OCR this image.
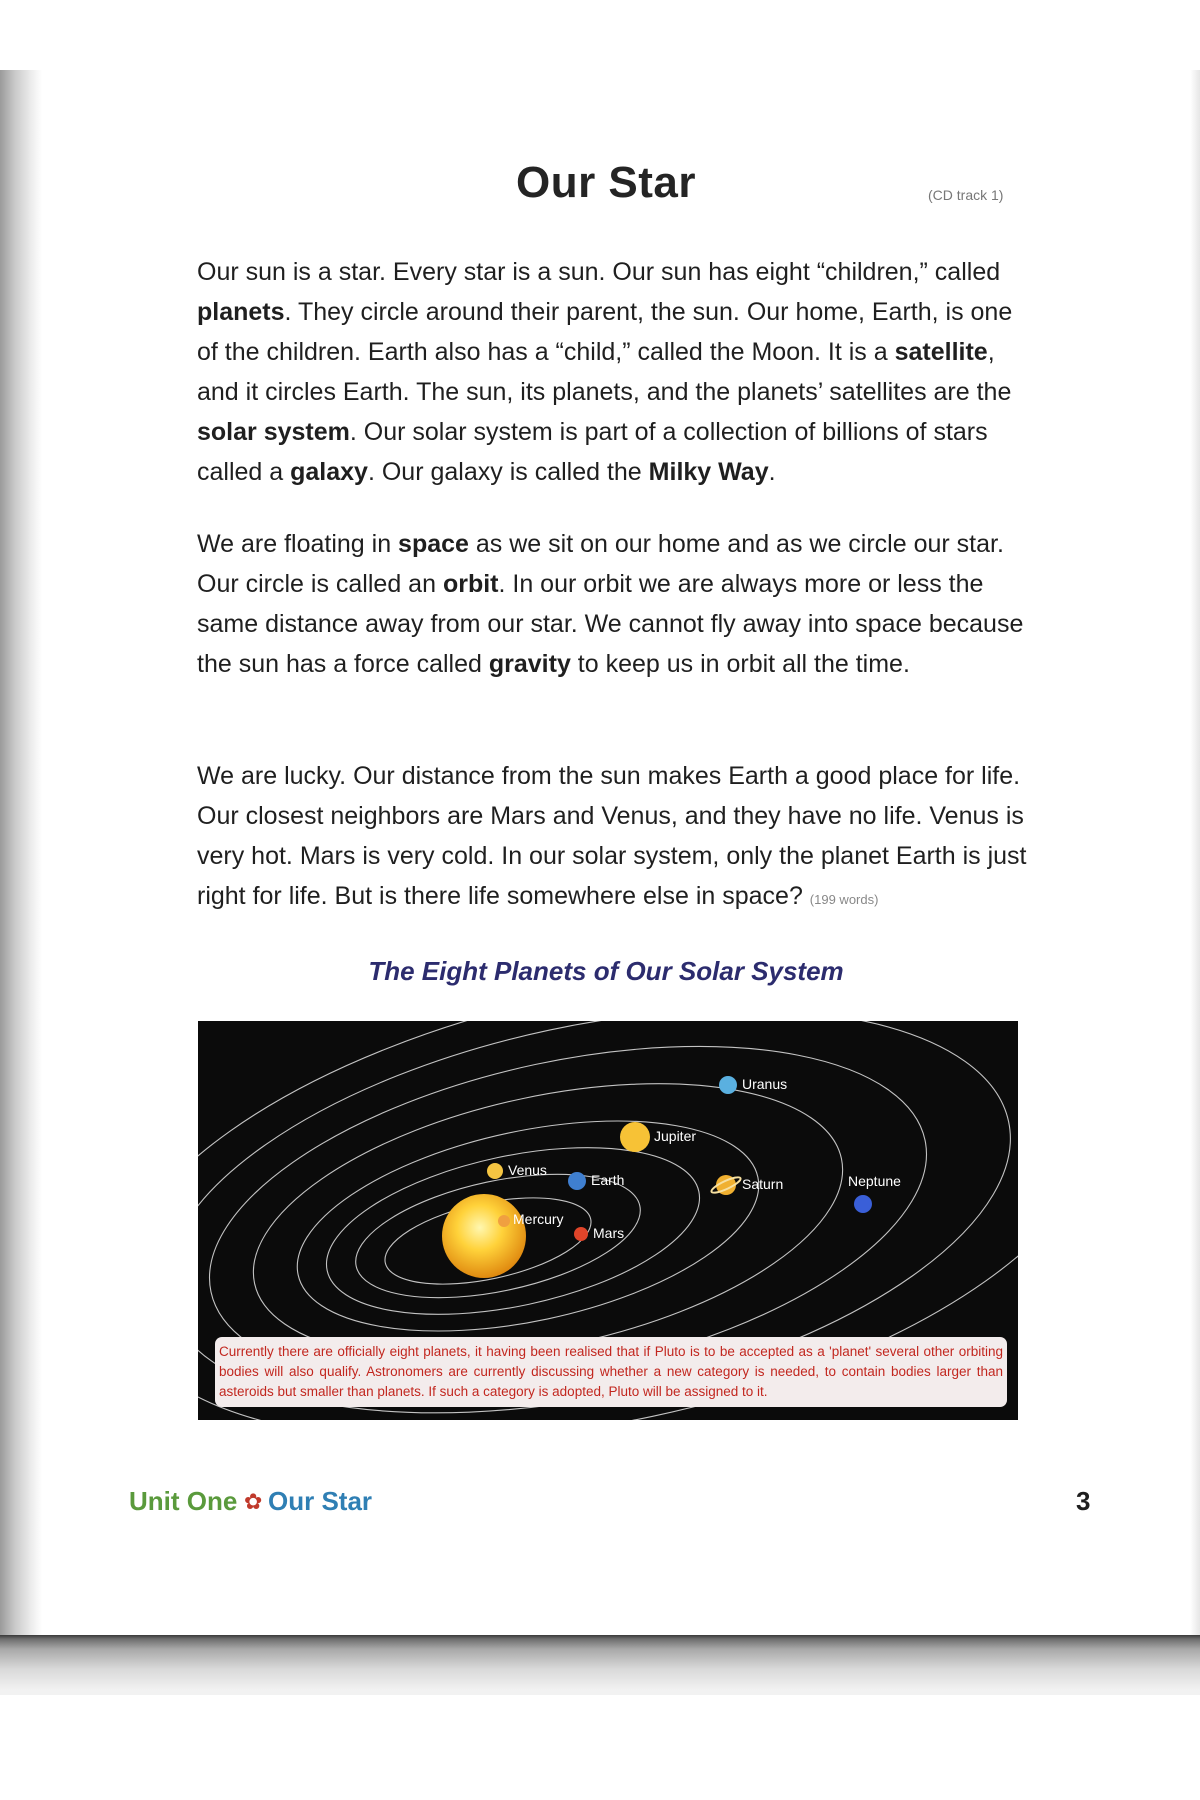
Our Star	(CD track 1)
Our sun is a star. Every star is a sun. Our sun has eight “children,” called planets. They circle around their parent, the sun. Our home, Earth, is one of the children. Earth also has a “child,” called the Moon. It is a satellite, and it circles Earth. The sun, its planets, and the planets’ satellites are the solar system. Our solar system is part of a collection of billions of stars called a galaxy. Our galaxy is called the Milky Way.
We are floating in space as we sit on our home and as we circle our star. Our circle is called an orbit. In our orbit we are always more or less the same distance away from our star. We cannot fly away into space because the sun has a force called gravity to keep us in orbit all the time.
We are lucky. Our distance from the sun makes Earth a good place for life. Our closest neighbors are Mars and Venus, and they have no life. Venus is very hot. Mars is very cold. In our solar system, only the planet Earth is just right for life. But is there life somewhere else in space? (199 words)
The Eight Planets of Our Solar System
Mercury
Venus
Earth
Mars
Jupiter
Saturn
Uranus
Neptune
Currently there are officially eight planets, it having been realised that if Pluto is to be accepted as a 'planet' several other orbiting bodies will also qualify. Astronomers are currently discussing whether a new category is needed, to contain bodies larger than asteroids but smaller than planets. If such a category is adopted, Pluto will be assigned to it.
Unit One ✿ Our Star	3
